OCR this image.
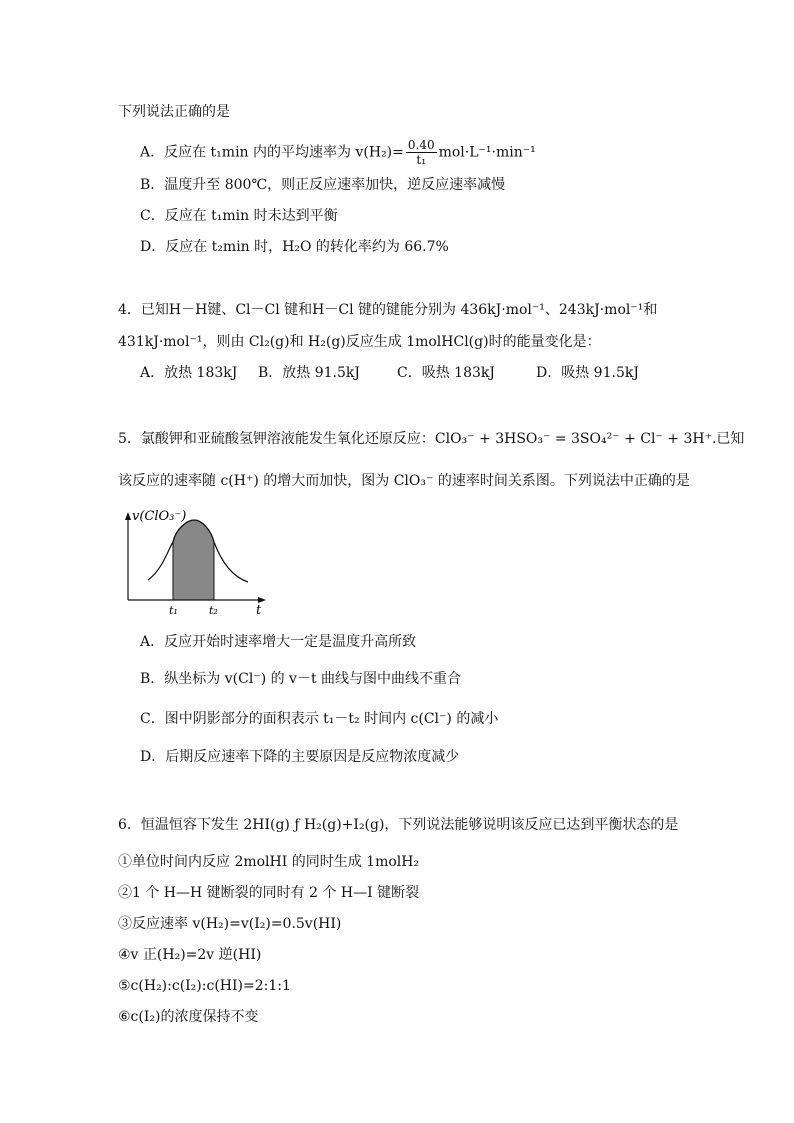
下列说法正确的是
A．反应在 t₁min 内的平均速率为 $v(H_2)= \frac{0.40}{\text{t₁}} mol\cdot L^{-1}\cdot\min^{-1}$
B．温度升至 800℃，则正反应速率加快，逆反应速率减慢
C．反应在 t₁min 时未达到平衡
D．反应在 t₂min 时，H₂O 的转化率约为 66.7%
4．已知H－H键、Cl－Cl 键和H－Cl 键的键能分别为 436kJ·mol⁻¹、243kJ·mol⁻¹和
431kJ·mol⁻¹，则由 Cl₂(g)和 H₂(g)反应生成 1molHCl(g)时的能量变化是：
A．放热 183kJ B．放热 91.5kJ	C．吸热 183kJ	D．吸热 91.5kJ
5．氯酸钾和亚硫酸氢钾溶液能发生氧化还原反应：ClO₃⁻ + 3HSO₃⁻ = 3SO₄²⁻ + Cl⁻ + 3H⁺.已知
该反应的速率随 c(H⁺) 的增大而加快，图为 ClO₃⁻ 的速率时间关系图。下列说法中正确的是
v(ClO₃⁻)
t
t₁	t₂
A．反应开始时速率增大一定是温度升高所致
B．纵坐标为 v(Cl⁻) 的 v－t 曲线与图中曲线不重合
C．图中阴影部分的面积表示 t₁－t₂ 时间内 c(Cl⁻) 的减小
D．后期反应速率下降的主要原因是反应物浓度减少
6．恒温恒容下发生 2HI(g) ƒ H₂(g)+I₂(g)，下列说法能够说明该反应已达到平衡状态的是
①单位时间内反应 2molHI 的同时生成 1molH₂
②1 个 H—H 键断裂的同时有 2 个 H—I 键断裂
③反应速率 v(H₂)=v(I₂)=0.5v(HI)
④v 正(H₂)=2v 逆(HI)
⑤c(H₂):c(I₂):c(HI)=2:1:1
⑥c(I₂)的浓度保持不变
